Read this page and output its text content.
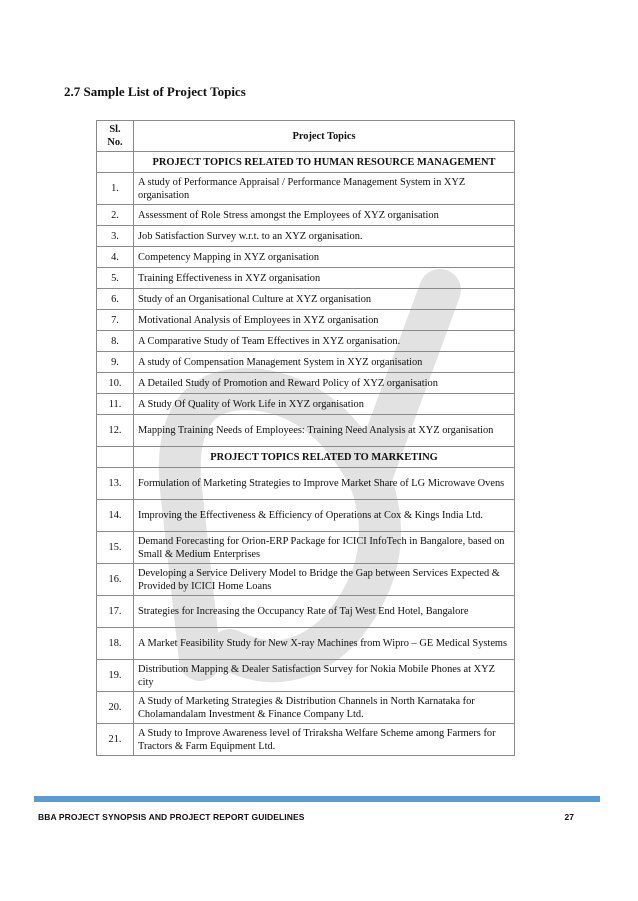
2.7 Sample List of Project Topics
Sl. No.	Project Topics
	PROJECT TOPICS RELATED TO HUMAN RESOURCE MANAGEMENT
1.	A study of Performance Appraisal / Performance Management System in XYZ organisation
2.	Assessment of Role Stress amongst the Employees of XYZ organisation
3.	Job Satisfaction Survey w.r.t. to an XYZ organisation.
4.	Competency Mapping in XYZ organisation
5.	Training Effectiveness in XYZ organisation
6.	Study of an Organisational Culture at XYZ organisation
7.	Motivational Analysis of Employees in XYZ organisation
8.	A Comparative Study of Team Effectives in XYZ organisation.
9.	A study of Compensation Management System in XYZ organisation
10.	A Detailed Study of Promotion and Reward Policy of XYZ organisation
11.	A Study Of Quality of Work Life in XYZ organisation
12.	Mapping Training Needs of Employees: Training Need Analysis at XYZ organisation
	PROJECT TOPICS RELATED TO MARKETING
13.	Formulation of Marketing Strategies to Improve Market Share of LG Microwave Ovens
14.	Improving the Effectiveness & Efficiency of Operations at Cox & Kings India Ltd.
15.	Demand Forecasting for Orion-ERP Package for ICICI InfoTech in Bangalore, based on Small & Medium Enterprises
16.	Developing a Service Delivery Model to Bridge the Gap between Services Expected & Provided by ICICI Home Loans
17.	Strategies for Increasing the Occupancy Rate of Taj West End Hotel, Bangalore
18.	A Market Feasibility Study for New X-ray Machines from Wipro – GE Medical Systems
19.	Distribution Mapping & Dealer Satisfaction Survey for Nokia Mobile Phones at XYZ city
20.	A Study of Marketing Strategies & Distribution Channels in North Karnataka for Cholamandalam Investment & Finance Company Ltd.
21.	A Study to Improve Awareness level of Triraksha Welfare Scheme among Farmers for Tractors & Farm Equipment Ltd.
BBA PROJECT SYNOPSIS AND PROJECT REPORT GUIDELINES	27
